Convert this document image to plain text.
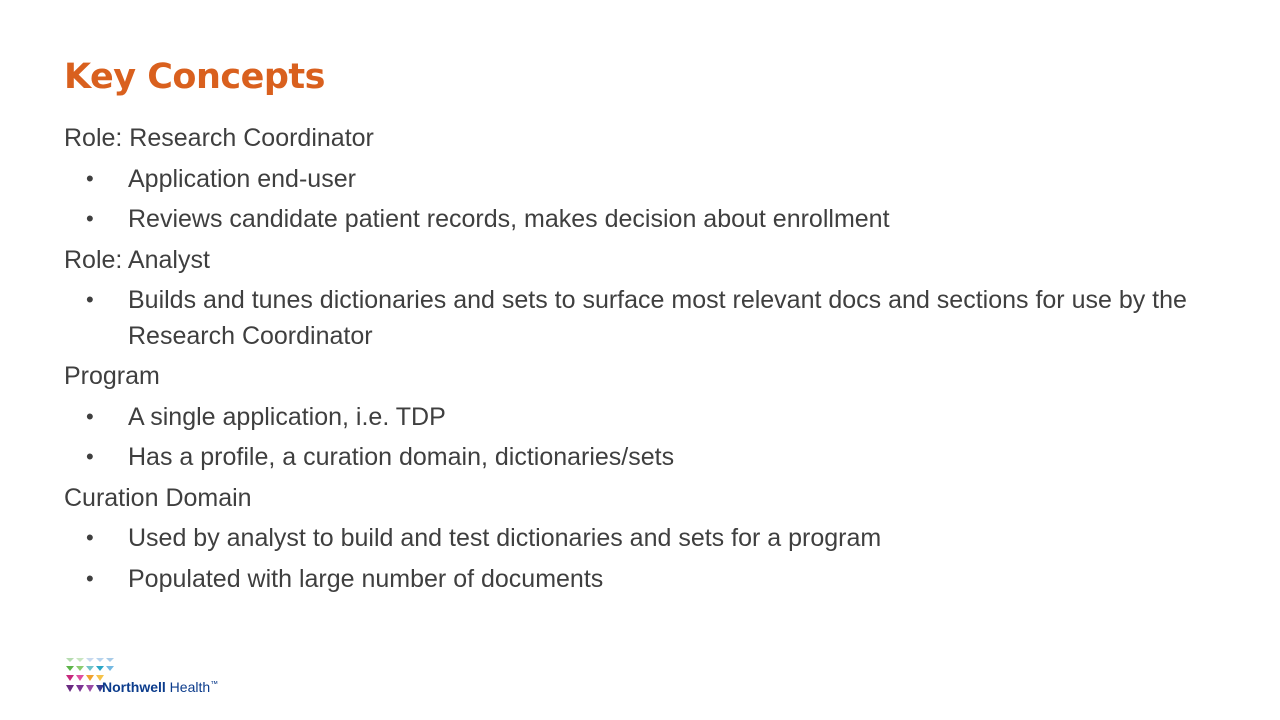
Key Concepts
Role: Research Coordinator
•	Application end-user
•	Reviews candidate patient records, makes decision about enrollment
Role: Analyst
•	Builds and tunes dictionaries and sets to surface most relevant docs and sections for use by the Research Coordinator
Program
•	A single application, i.e. TDP
•	Has a profile, a curation domain, dictionaries/sets
Curation Domain
•	Used by analyst to build and test dictionaries and sets for a program
•	Populated with large number of documents
Northwell Health™
